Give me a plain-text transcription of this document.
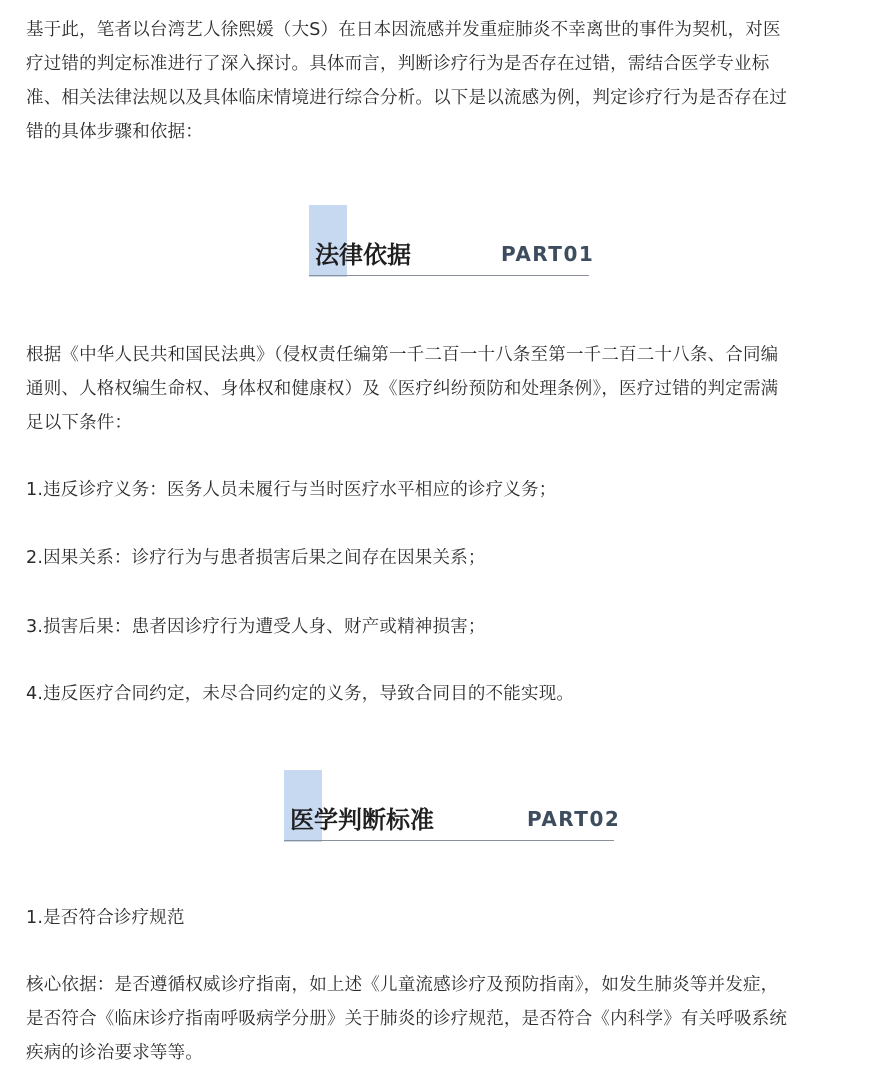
基于此，笔者以台湾艺人徐熙媛（大S）在日本因流感并发重症肺炎不幸离世的事件为契机，对医
疗过错的判定标准进行了深入探讨。具体而言，判断诊疗行为是否存在过错，需结合医学专业标
准、相关法律法规以及具体临床情境进行综合分析。以下是以流感为例，判定诊疗行为是否存在过
错的具体步骤和依据：

法律依据	PART01

根据《中华人民共和国民法典》（侵权责任编第一千二百一十八条至第一千二百二十八条、合同编
通则、人格权编生命权、身体权和健康权）及《医疗纠纷预防和处理条例》，医疗过错的判定需满
足以下条件：

1.违反诊疗义务：医务人员未履行与当时医疗水平相应的诊疗义务；

2.因果关系：诊疗行为与患者损害后果之间存在因果关系；

3.损害后果：患者因诊疗行为遭受人身、财产或精神损害；

4.违反医疗合同约定，未尽合同约定的义务，导致合同目的不能实现。

医学判断标准	PART02

1.是否符合诊疗规范

核心依据：是否遵循权威诊疗指南，如上述《儿童流感诊疗及预防指南》，如发生肺炎等并发症，
是否符合《临床诊疗指南呼吸病学分册》关于肺炎的诊疗规范，是否符合《内科学》有关呼吸系统
疾病的诊治要求等等。
